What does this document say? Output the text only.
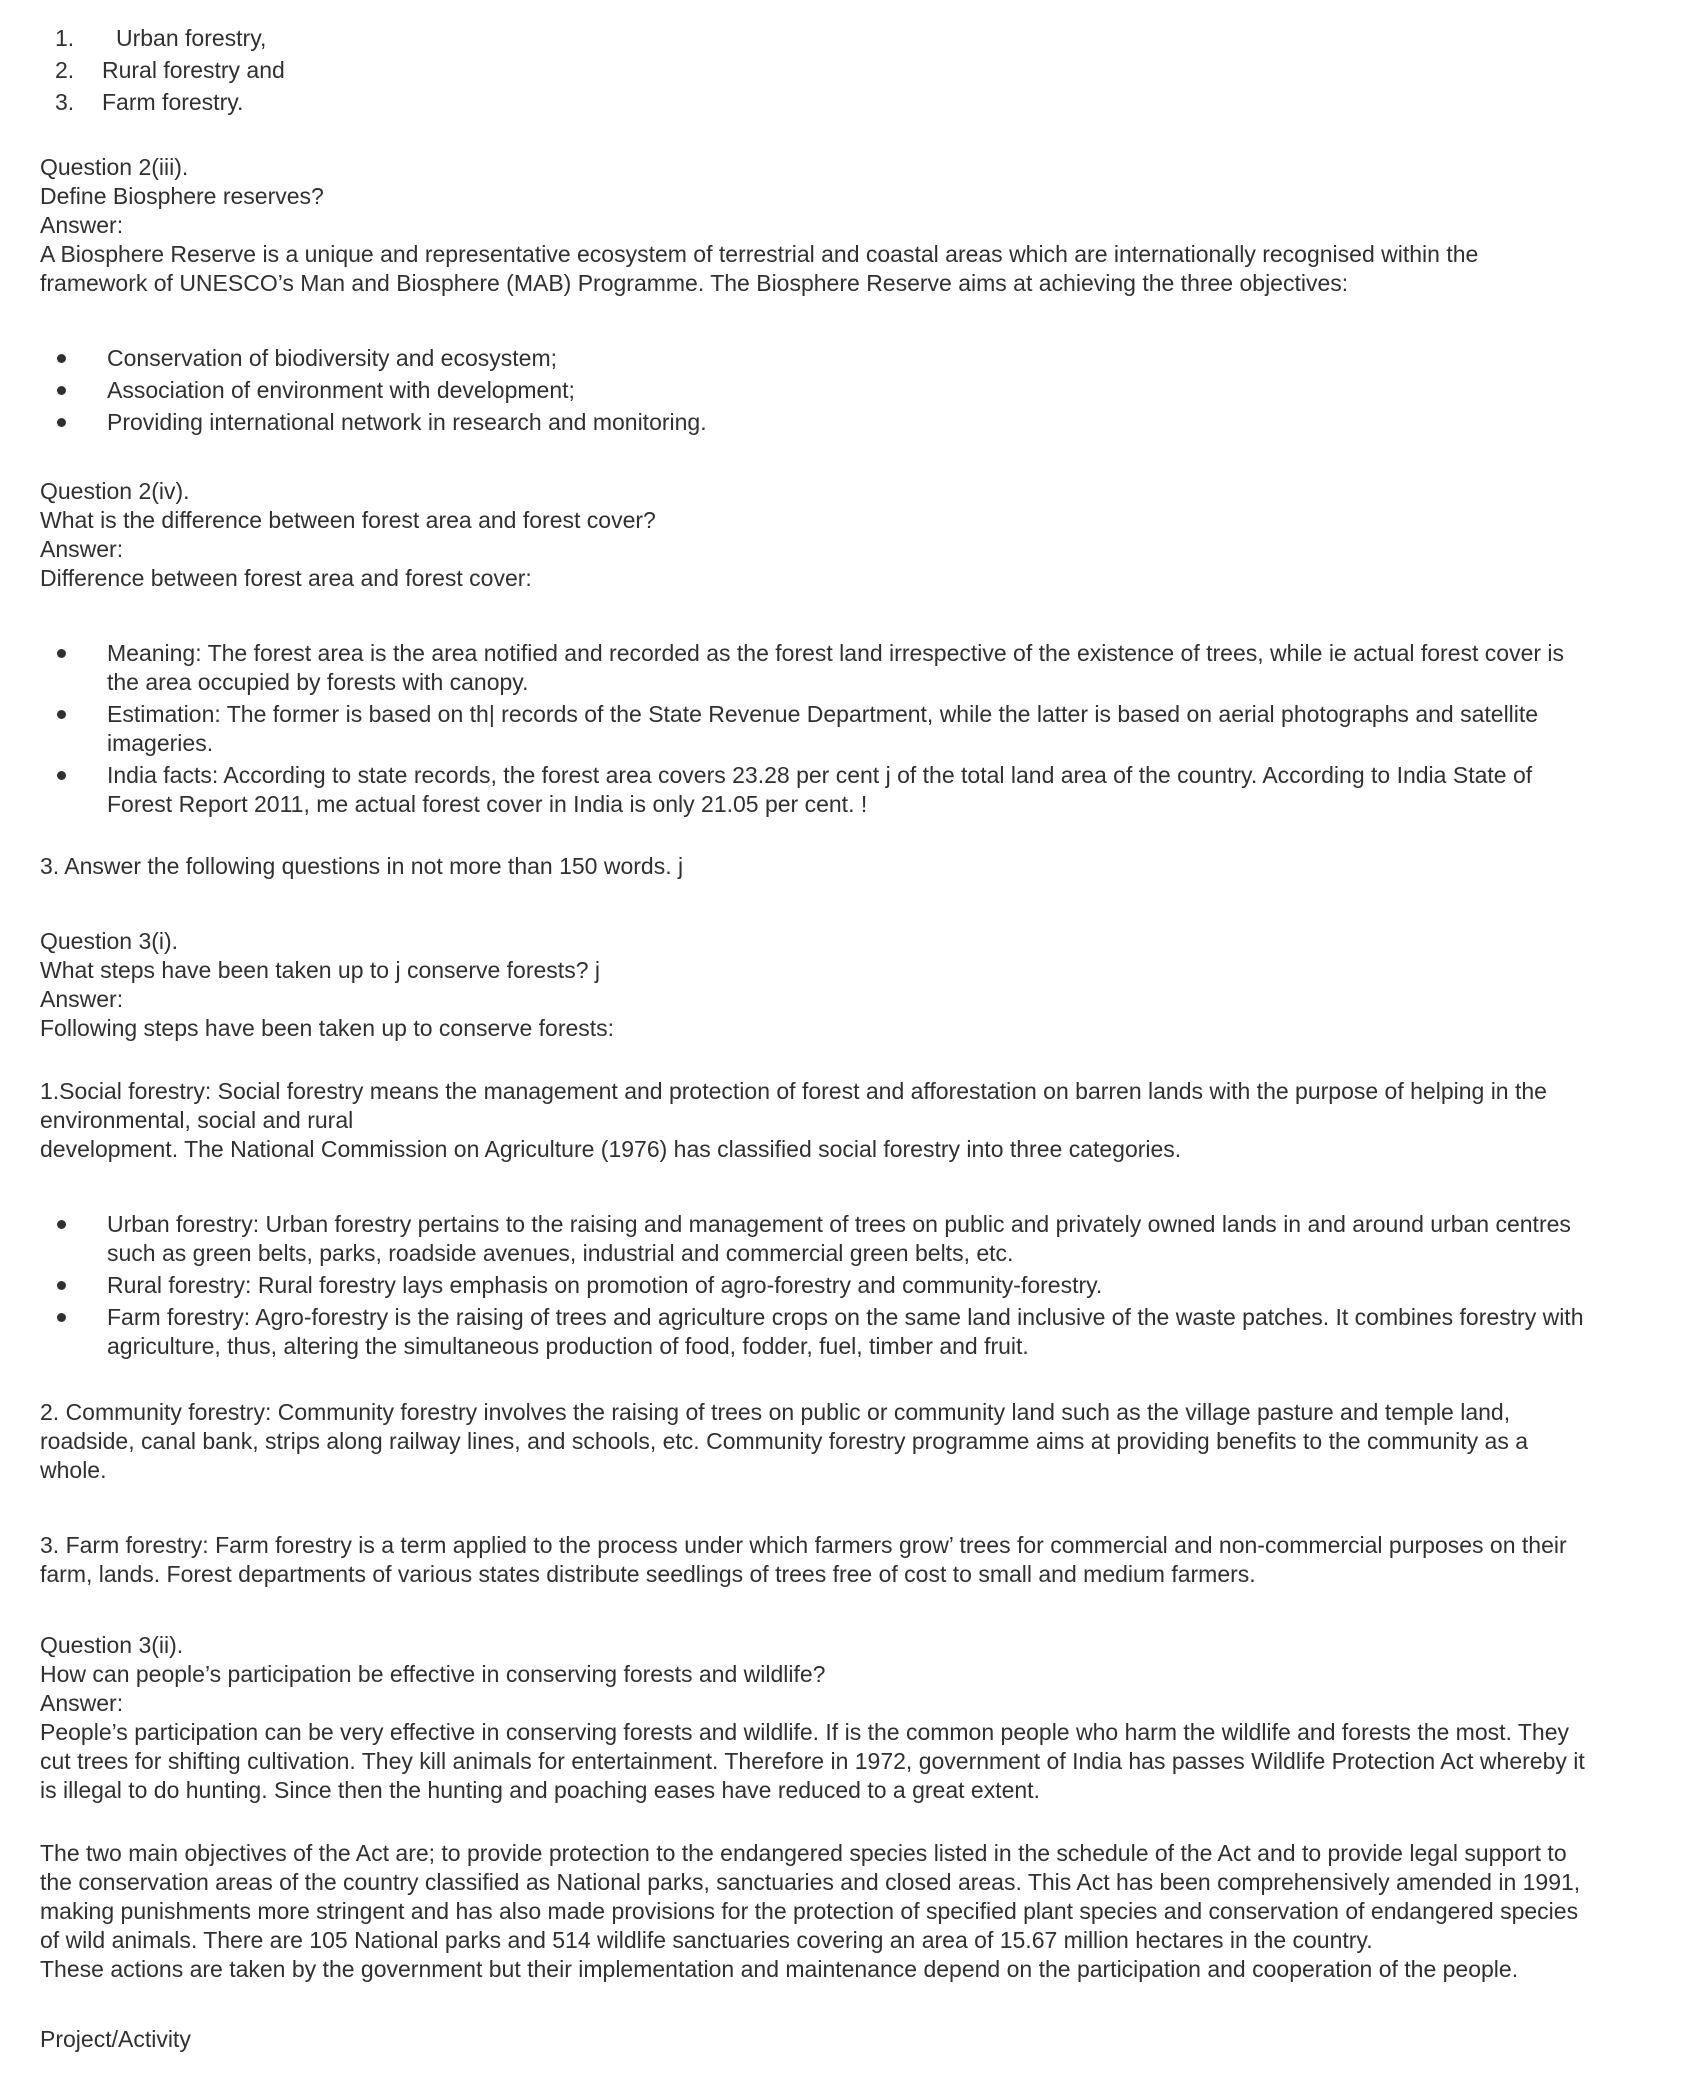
1.	Urban forestry,
2.	Rural forestry and
3.	Farm forestry.
Question 2(iii).
Define Biosphere reserves?
Answer:
A Biosphere Reserve is a unique and representative ecosystem of terrestrial and coastal areas which are internationally recognised within the framework of UNESCO’s Man and Biosphere (MAB) Programme. The Biosphere Reserve aims at achieving the three objectives:
Conservation of biodiversity and ecosystem;
Association of environment with development;
Providing international network in research and monitoring.
Question 2(iv).
What is the difference between forest area and forest cover?
Answer:
Difference between forest area and forest cover:
Meaning: The forest area is the area notified and recorded as the forest land irrespective of the existence of trees, while ie actual forest cover is the area occupied by forests with canopy.
Estimation: The former is based on th| records of the State Revenue Department, while the latter is based on aerial photographs and satellite imageries.
India facts: According to state records, the forest area covers 23.28 per cent j of the total land area of the country. According to India State of Forest Report 2011, me actual forest cover in India is only 21.05 per cent. !
3. Answer the following questions in not more than 150 words. j
Question 3(i).
What steps have been taken up to j conserve forests? j
Answer:
Following steps have been taken up to conserve forests:
1.Social forestry: Social forestry means the management and protection of forest and afforestation on barren lands with the purpose of helping in the environmental, social and rural
development. The National Commission on Agriculture (1976) has classified social forestry into three categories.
Urban forestry: Urban forestry pertains to the raising and management of trees on public and privately owned lands in and around urban centres such as green belts, parks, roadside avenues, industrial and commercial green belts, etc.
Rural forestry: Rural forestry lays emphasis on promotion of agro-forestry and community-forestry.
Farm forestry: Agro-forestry is the raising of trees and agriculture crops on the same land inclusive of the waste patches. It combines forestry with agriculture, thus, altering the simultaneous production of food, fodder, fuel, timber and fruit.
2. Community forestry: Community forestry involves the raising of trees on public or community land such as the village pasture and temple land, roadside, canal bank, strips along railway lines, and schools, etc. Community forestry programme aims at providing benefits to the community as a whole.
3. Farm forestry: Farm forestry is a term applied to the process under which farmers grow’ trees for commercial and non-commercial purposes on their farm, lands. Forest departments of various states distribute seedlings of trees free of cost to small and medium farmers.
Question 3(ii).
How can people’s participation be effective in conserving forests and wildlife?
Answer:
People’s participation can be very effective in conserving forests and wildlife. If is the common people who harm the wildlife and forests the most. They cut trees for shifting cultivation. They kill animals for entertainment. Therefore in 1972, government of India has passes Wildlife Protection Act whereby it is illegal to do hunting. Since then the hunting and poaching eases have reduced to a great extent.
The two main objectives of the Act are; to provide protection to the endangered species listed in the schedule of the Act and to provide legal support to the conservation areas of the country classified as National parks, sanctuaries and closed areas. This Act has been comprehensively amended in 1991, making punishments more stringent and has also made provisions for the protection of specified plant species and conservation of endangered species of wild animals. There are 105 National parks and 514 wildlife sanctuaries covering an area of 15.67 million hectares in the country.
These actions are taken by the government but their implementation and maintenance depend on the participation and cooperation of the people.
Project/Activity
